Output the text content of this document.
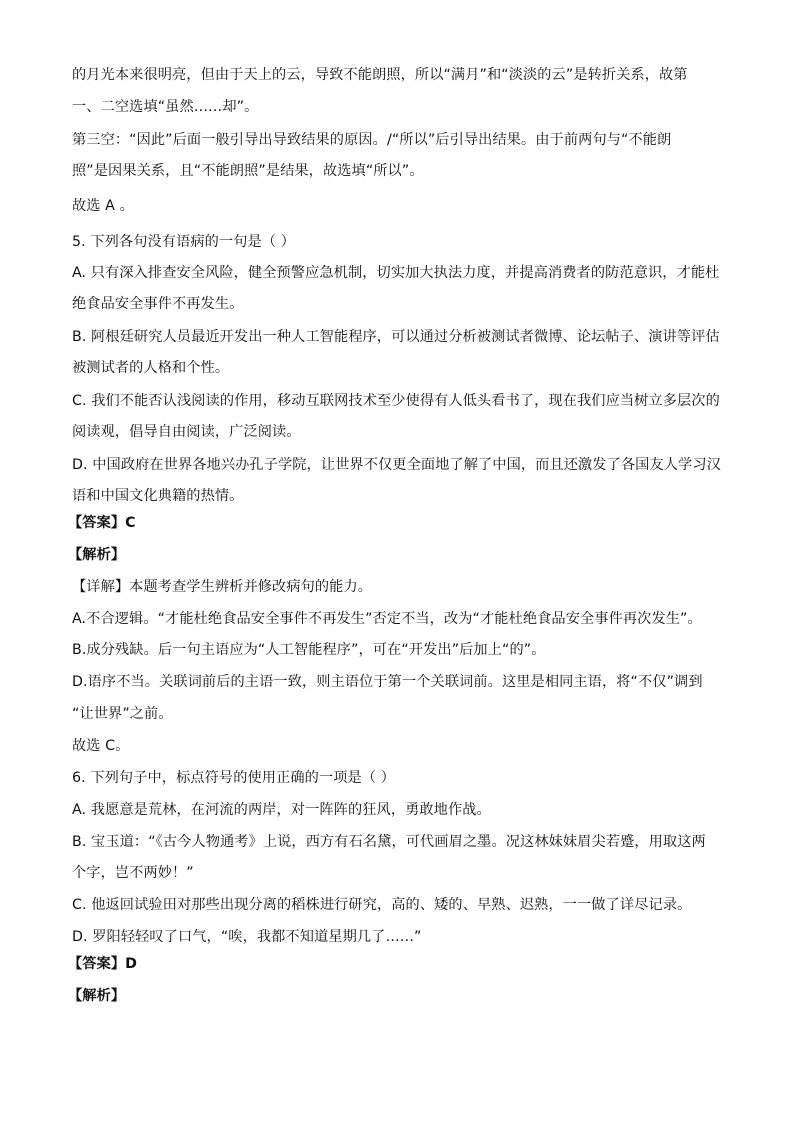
的月光本来很明亮，但由于天上的云，导致不能朗照，所以“满月”和“淡淡的云”是转折关系，故第
一、二空选填“虽然……却”。
第三空：“因此”后面一般引导出导致结果的原因。/“所以”后引导出结果。由于前两句与“不能朗
照”是因果关系，且“不能朗照”是结果，故选填“所以”。
故选 A 。
5. 下列各句没有语病的一句是（ ）
A. 只有深入排查安全风险，健全预警应急机制，切实加大执法力度，并提高消费者的防范意识，才能杜
绝食品安全事件不再发生。
B. 阿根廷研究人员最近开发出一种人工智能程序，可以通过分析被测试者微博、论坛帖子、演讲等评估
被测试者的人格和个性。
C. 我们不能否认浅阅读的作用，移动互联网技术至少使得有人低头看书了，现在我们应当树立多层次的
阅读观，倡导自由阅读，广泛阅读。
D. 中国政府在世界各地兴办孔子学院，让世界不仅更全面地了解了中国，而且还激发了各国友人学习汉
语和中国文化典籍的热情。
【答案】C
【解析】
【详解】本题考查学生辨析并修改病句的能力。
A.不合逻辑。“才能杜绝食品安全事件不再发生”否定不当，改为“才能杜绝食品安全事件再次发生”。
B.成分残缺。后一句主语应为“人工智能程序”，可在“开发出”后加上“的”。
D.语序不当。关联词前后的主语一致，则主语位于第一个关联词前。这里是相同主语，将“不仅”调到
“让世界”之前。
故选 C。
6. 下列句子中，标点符号的使用正确的一项是（ ）
A. 我愿意是荒林，在河流的两岸，对一阵阵的狂风，勇敢地作战。
B. 宝玉道：“《古今人物通考》上说，西方有石名黛，可代画眉之墨。况这林妹妹眉尖若蹙，用取这两
个字，岂不两妙！”
C. 他返回试验田对那些出现分离的稻株进行研究，高的、矮的、早熟、迟熟，一一做了详尽记录。
D. 罗阳轻轻叹了口气，“唉，我都不知道星期几了……”
【答案】D
【解析】
